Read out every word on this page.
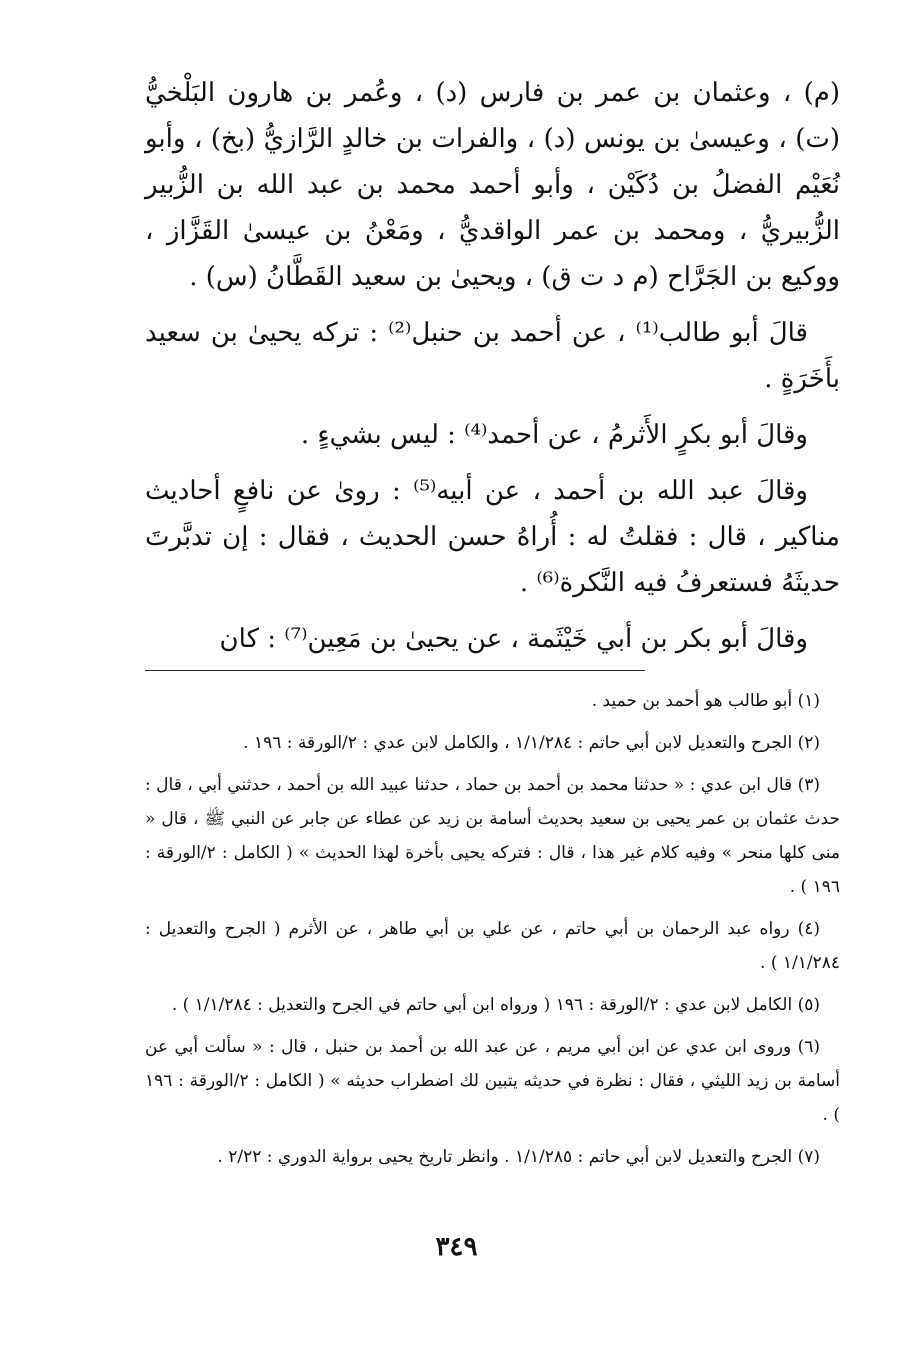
(م) ، وعثمان بن عمر بن فارس (د) ، وعُمر بن هارون البَلْخيُّ (ت) ، وعيسىٰ بن يونس (د) ، والفرات بن خالدٍ الرَّازيُّ (بخ) ، وأبو نُعَيْم الفضلُ بن دُكَيْن ، وأبو أحمد محمد بن عبد الله بن الزُّبير الزُّبيريُّ ، ومحمد بن عمر الواقديُّ ، ومَعْنُ بن عيسىٰ القَزَّاز ، ووكيع بن الجَرَّاح (م د ت ق) ، ويحيىٰ بن سعيد القَطَّانُ (س) .

قالَ أبو طالب⁽¹⁾ ، عن أحمد بن حنبل⁽²⁾ : تركه يحيىٰ بن سعيد بأَخَرَةٍ .

وقالَ أبو بكرٍ الأَثرمُ ، عن أحمد⁽⁴⁾ : ليس بشيءٍ .

وقالَ عبد الله بن أحمد ، عن أبيه⁽⁵⁾ : روىٰ عن نافعٍ أحاديث مناكير ، قال : فقلتُ له : أُراهُ حسن الحديث ، فقال : إن تدبَّرتَ حديثَهُ فستعرفُ فيه النَّكرة⁽⁶⁾ .

وقالَ أبو بكر بن أبي خَيْثَمة ، عن يحيىٰ بن مَعِين⁽⁷⁾ : كان

(١) أبو طالب هو أحمد بن حميد .

(٢) الجرح والتعديل لابن أبي حاتم : ١/١/٢٨٤ ، والكامل لابن عدي : ٢/الورقة : ١٩٦ .

(٣) قال ابن عدي : « حدثنا محمد بن أحمد بن حماد ، حدثنا عبيد الله بن أحمد ، حدثني أبي ، قال : حدث عثمان بن عمر يحيى بن سعيد بحديث أسامة بن زيد عن عطاء عن جابر عن النبي ﷺ ، قال « منى كلها منحر » وفيه كلام غير هذا ، قال : فتركه يحيى بأخرة لهذا الحديث » ( الكامل : ٢/الورقة : ١٩٦ ) .

(٤) رواه عبد الرحمان بن أبي حاتم ، عن علي بن أبي طاهر ، عن الأثرم ( الجرح والتعديل : ١/١/٢٨٤ ) .

(٥) الكامل لابن عدي : ٢/الورقة : ١٩٦ ( ورواه ابن أبي حاتم في الجرح والتعديل : ١/١/٢٨٤ ) .

(٦) وروى ابن عدي عن ابن أبي مريم ، عن عبد الله بن أحمد بن حنبل ، قال : « سألت أبي عن أسامة بن زيد الليثي ، فقال : نظرة في حديثه يتبين لك اضطراب حديثه » ( الكامل : ٢/الورقة : ١٩٦ ) .

(٧) الجرح والتعديل لابن أبي حاتم : ١/١/٢٨٥ . وانظر تاريخ يحيى برواية الدوري : ٢/٢٢ .

٣٤٩
